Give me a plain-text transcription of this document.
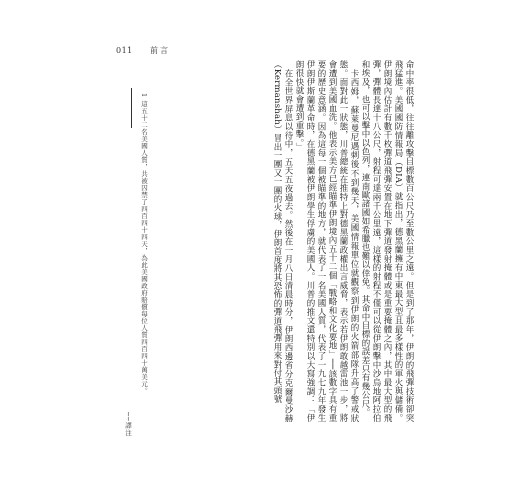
011 前言

命中率很低，往往離攻擊目標數百公尺乃至數公里之遠。但是到了那年，伊朗的飛彈技術卻突飛猛進。美國國防情報局（DIA）就指出，德黑蘭擁有中東最大型且最多樣性的軍火與儲備。伊朗境內估計有數千枚彈道飛彈安置在地下彈道發射掩體或是重要掩體之內，其中最大型的飛彈，彈體長達十八公尺，射程可達兩千公里遠，這樣的射程不僅可以從伊朗擊中沙烏地阿拉伯和埃及，也可以擊中以色列，連南歐諸國如希臘也難以倖免。其命中目標的誤差只有幾公尺。

卡西姆，蘇萊曼尼遇刺後不到幾天，美國情報單位就觀察到伊朗的火箭部隊升高了警戒狀態。面對此一狀態，川普總統在推特上對德黑蘭政權出言威脅，表示若伊朗敢越雷池一步，將會遭到美國血洗。他表示美方已經瞄準伊朗境內五十二個「戰略和文化要地」──該數字具有重要的歷史意涵。因為這每一個被瞄準的地方，就代表了一名美國人質，代表了一九七九年發生伊朗伊斯蘭革命時，在德黑蘭被伊朗學生俘虜的美國人。川普的推文還特別以大寫強調：「伊朗很快就會遭到重擊。」

在全世界屏息以待中，五天五夜過去。然後在一月八日清晨時分，伊朗西邊省分克爾曼沙赫（Kermanshah）冒出一團又一團的火球，伊朗首度將其恐怖的彈道飛彈用來對付其頭號

1 這五十二名美國人質，共被囚禁了四百四十四天，為此美國政府賠償每位人質四百四十萬美元。
──譯注
